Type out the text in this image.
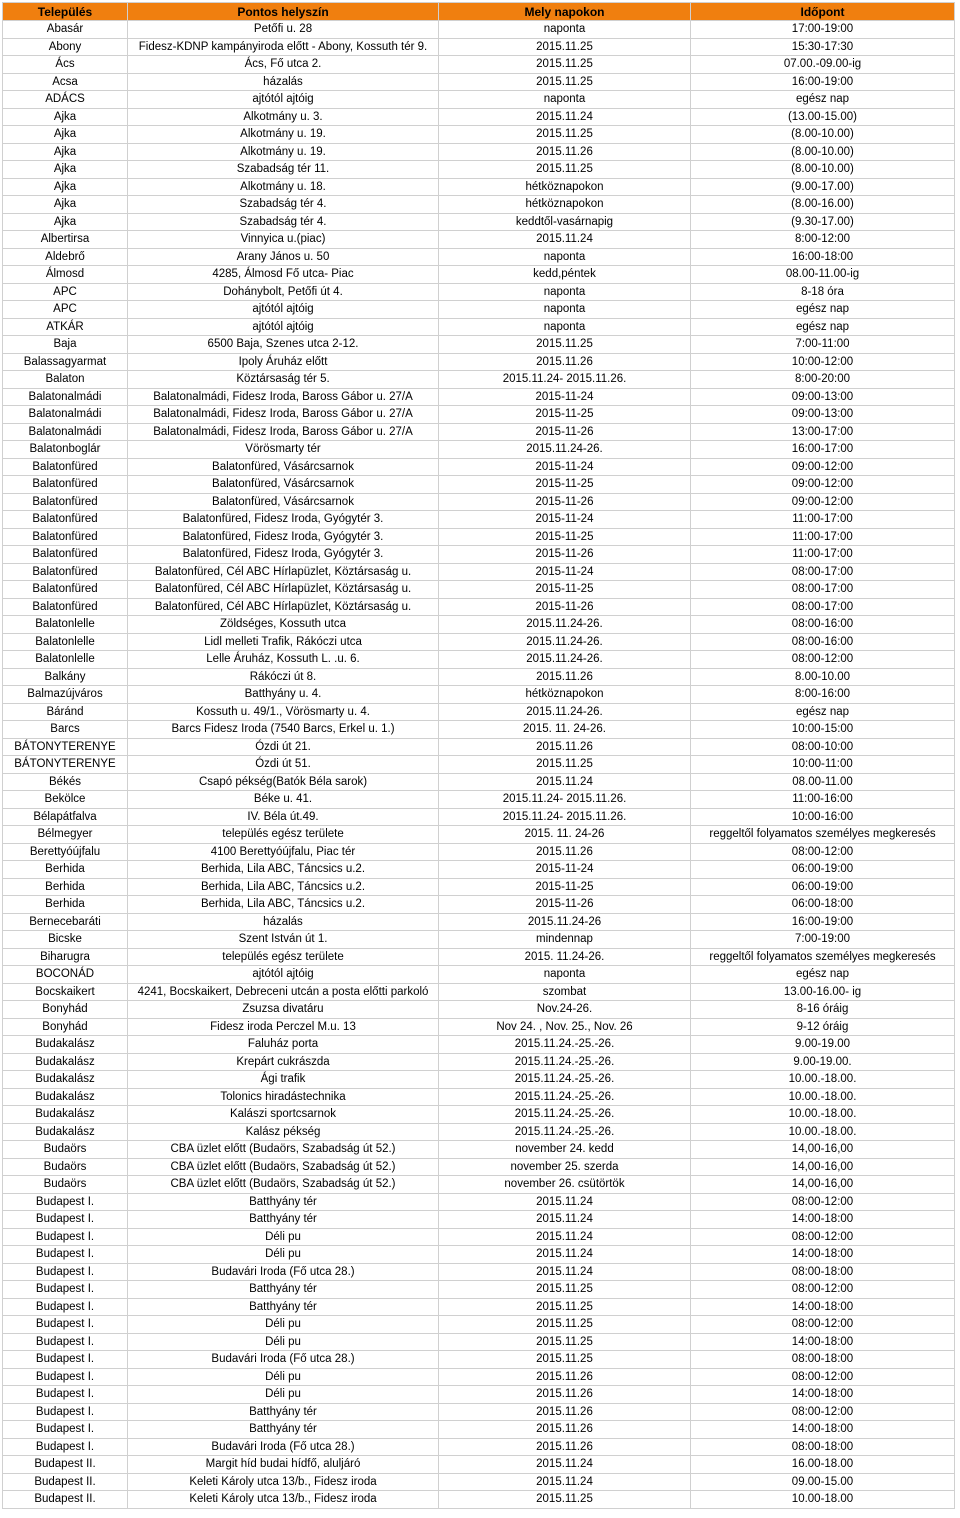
Település	Pontos helyszín	Mely napokon	Időpont
Abasár	Petőfi u. 28	naponta	17:00-19:00
Abony	Fidesz-KDNP kampányiroda előtt - Abony, Kossuth tér 9.	2015.11.25	15:30-17:30
Ács	Ács, Fő utca 2.	2015.11.25	07.00.-09.00-ig
Acsa	házalás	2015.11.25	16:00-19:00
ADÁCS	ajtótól ajtóig	naponta	egész nap
Ajka	Alkotmány u. 3.	2015.11.24	(13.00-15.00)
Ajka	Alkotmány u. 19.	2015.11.25	(8.00-10.00)
Ajka	Alkotmány u. 19.	2015.11.26	(8.00-10.00)
Ajka	Szabadság tér 11.	2015.11.25	(8.00-10.00)
Ajka	Alkotmány u. 18.	hétköznapokon	(9.00-17.00)
Ajka	Szabadság tér 4.	hétköznapokon	(8.00-16.00)
Ajka	Szabadság tér 4.	keddtől-vasárnapig	(9.30-17.00)
Albertirsa	Vinnyica u.(piac)	2015.11.24	8:00-12:00
Aldebrő	Arany János u. 50	naponta	16:00-18:00
Álmosd	4285, Álmosd Fő utca- Piac	kedd,péntek	08.00-11.00-ig
APC	Dohánybolt, Petőfi út 4.	naponta	8-18 óra
APC	ajtótól ajtóig	naponta	egész nap
ATKÁR	ajtótól ajtóig	naponta	egész nap
Baja	6500 Baja, Szenes utca 2-12.	2015.11.25	7:00-11:00
Balassagyarmat	Ipoly Áruház előtt	2015.11.26	10:00-12:00
Balaton	Köztársaság tér 5.	2015.11.24- 2015.11.26.	8:00-20:00
Balatonalmádi	Balatonalmádi, Fidesz Iroda, Baross Gábor u. 27/A	2015-11-24	09:00-13:00
Balatonalmádi	Balatonalmádi, Fidesz Iroda, Baross Gábor u. 27/A	2015-11-25	09:00-13:00
Balatonalmádi	Balatonalmádi, Fidesz Iroda, Baross Gábor u. 27/A	2015-11-26	13:00-17:00
Balatonboglár	Vörösmarty tér	2015.11.24-26.	16:00-17:00
Balatonfüred	Balatonfüred, Vásárcsarnok	2015-11-24	09:00-12:00
Balatonfüred	Balatonfüred, Vásárcsarnok	2015-11-25	09:00-12:00
Balatonfüred	Balatonfüred, Vásárcsarnok	2015-11-26	09:00-12:00
Balatonfüred	Balatonfüred, Fidesz Iroda, Gyógytér 3.	2015-11-24	11:00-17:00
Balatonfüred	Balatonfüred, Fidesz Iroda, Gyógytér 3.	2015-11-25	11:00-17:00
Balatonfüred	Balatonfüred, Fidesz Iroda, Gyógytér 3.	2015-11-26	11:00-17:00
Balatonfüred	Balatonfüred, Cél ABC Hírlapüzlet, Köztársaság u.	2015-11-24	08:00-17:00
Balatonfüred	Balatonfüred, Cél ABC Hírlapüzlet, Köztársaság u.	2015-11-25	08:00-17:00
Balatonfüred	Balatonfüred, Cél ABC Hírlapüzlet, Köztársaság u.	2015-11-26	08:00-17:00
Balatonlelle	Zöldséges, Kossuth utca	2015.11.24-26.	08:00-16:00
Balatonlelle	Lidl melleti Trafik, Rákóczi utca	2015.11.24-26.	08:00-16:00
Balatonlelle	Lelle Áruház, Kossuth L. .u. 6.	2015.11.24-26.	08:00-12:00
Balkány	Rákóczi út 8.	2015.11.26	8.00-10.00
Balmazújváros	Batthyány u. 4.	hétköznapokon	8:00-16:00
Báránd	Kossuth u. 49/1., Vörösmarty u. 4.	2015.11.24-26.	egész nap
Barcs	Barcs Fidesz Iroda (7540 Barcs, Erkel u. 1.)	2015. 11. 24-26.	10:00-15:00
BÁTONYTERENYE	Ózdi út 21.	2015.11.26	08:00-10:00
BÁTONYTERENYE	Ózdi út 51.	2015.11.25	10:00-11:00
Békés	Csapó pékség(Batók Béla sarok)	2015.11.24	08.00-11.00
Bekölce	Béke u. 41.	2015.11.24- 2015.11.26.	11:00-16:00
Bélapátfalva	IV. Béla út.49.	2015.11.24- 2015.11.26.	10:00-16:00
Bélmegyer	település egész területe	2015. 11. 24-26	reggeltől folyamatos személyes megkeresés
Berettyóújfalu	4100 Berettyóújfalu, Piac tér	2015.11.26	08:00-12:00
Berhida	Berhida, Lila ABC, Táncsics u.2.	2015-11-24	06:00-19:00
Berhida	Berhida, Lila ABC, Táncsics u.2.	2015-11-25	06:00-19:00
Berhida	Berhida, Lila ABC, Táncsics u.2.	2015-11-26	06:00-18:00
Bernecebaráti	házalás	2015.11.24-26	16:00-19:00
Bicske	Szent István út 1.	mindennap	7:00-19:00
Biharugra	település egész területe	2015. 11.24-26.	reggeltől folyamatos személyes megkeresés
BOCONÁD	ajtótól ajtóig	naponta	egész nap
Bocskaikert	4241, Bocskaikert, Debreceni utcán a posta előtti parkoló	szombat	13.00-16.00- ig
Bonyhád	Zsuzsa divatáru	Nov.24-26.	8-16 óráig
Bonyhád	Fidesz iroda Perczel M.u. 13	Nov 24. , Nov. 25., Nov. 26	9-12 óráig
Budakalász	Faluház porta	2015.11.24.-25.-26.	9.00-19.00
Budakalász	Krepárt cukrászda	2015.11.24.-25.-26.	9.00-19.00.
Budakalász	Ági trafik	2015.11.24.-25.-26.	10.00.-18.00.
Budakalász	Tolonics hiradástechnika	2015.11.24.-25.-26.	10.00.-18.00.
Budakalász	Kalászi sportcsarnok	2015.11.24.-25.-26.	10.00.-18.00.
Budakalász	Kalász pékség	2015.11.24.-25.-26.	10.00.-18.00.
Budaörs	CBA üzlet előtt (Budaörs, Szabadság út 52.)	november 24. kedd	14,00-16,00
Budaörs	CBA üzlet előtt (Budaörs, Szabadság út 52.)	november 25. szerda	14,00-16,00
Budaörs	CBA üzlet előtt (Budaörs, Szabadság út 52.)	november 26. csütörtök	14,00-16,00
Budapest I.	Batthyány tér	2015.11.24	08:00-12:00
Budapest I.	Batthyány tér	2015.11.24	14:00-18:00
Budapest I.	Déli pu	2015.11.24	08:00-12:00
Budapest I.	Déli pu	2015.11.24	14:00-18:00
Budapest I.	Budavári Iroda (Fő utca 28.)	2015.11.24	08:00-18:00
Budapest I.	Batthyány tér	2015.11.25	08:00-12:00
Budapest I.	Batthyány tér	2015.11.25	14:00-18:00
Budapest I.	Déli pu	2015.11.25	08:00-12:00
Budapest I.	Déli pu	2015.11.25	14:00-18:00
Budapest I.	Budavári Iroda (Fő utca 28.)	2015.11.25	08:00-18:00
Budapest I.	Déli pu	2015.11.26	08:00-12:00
Budapest I.	Déli pu	2015.11.26	14:00-18:00
Budapest I.	Batthyány tér	2015.11.26	08:00-12:00
Budapest I.	Batthyány tér	2015.11.26	14:00-18:00
Budapest I.	Budavári Iroda (Fő utca 28.)	2015.11.26	08:00-18:00
Budapest II.	Margit híd budai hídfő, aluljáró	2015.11.24	16.00-18.00
Budapest II.	Keleti Károly utca 13/b., Fidesz iroda	2015.11.24	09.00-15.00
Budapest II.	Keleti Károly utca 13/b., Fidesz iroda	2015.11.25	10.00-18.00
